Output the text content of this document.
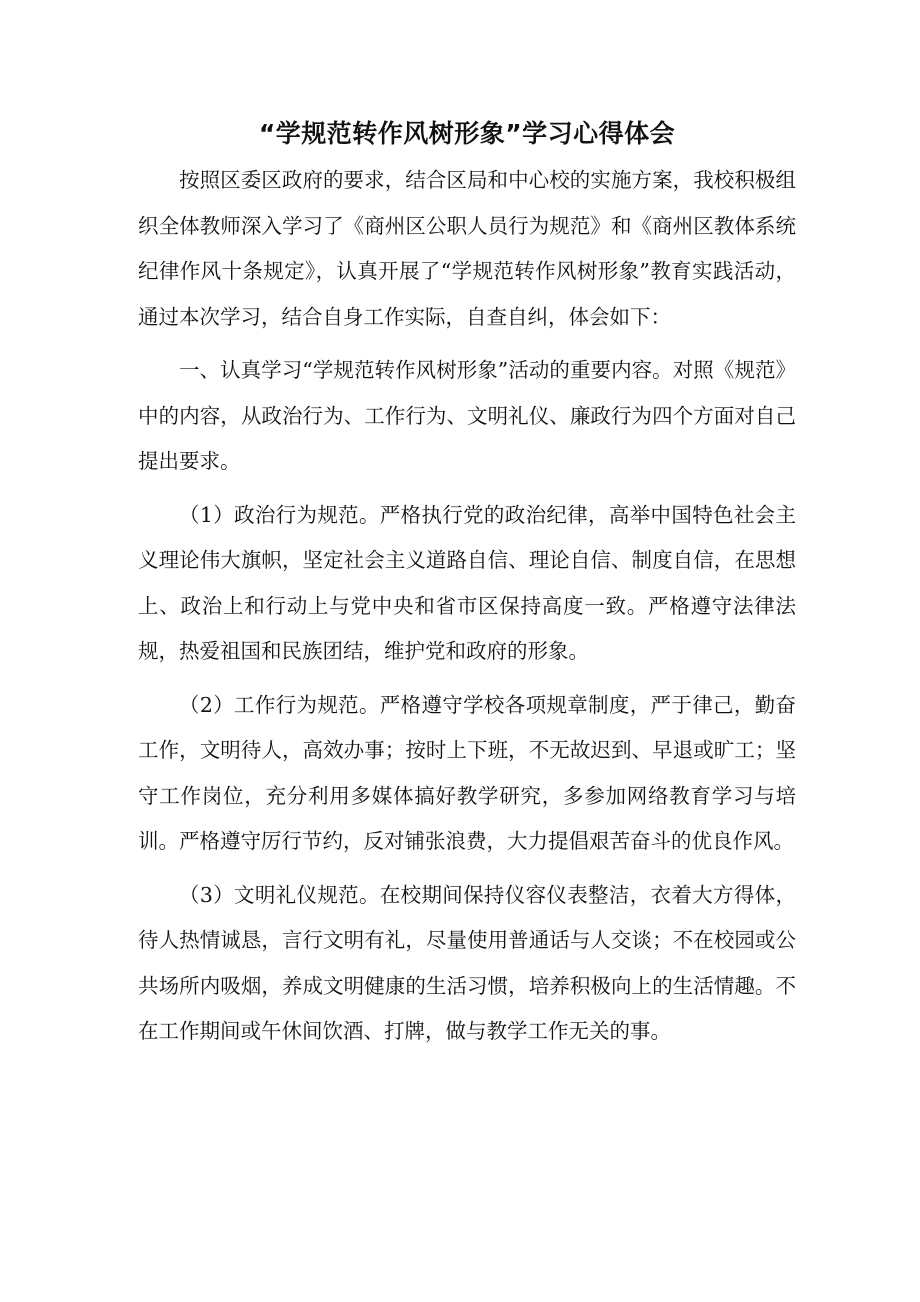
“学规范转作风树形象”学习心得体会

按照区委区政府的要求，结合区局和中心校的实施方案，我校积极组织全体教师深入学习了《商州区公职人员行为规范》和《商州区教体系统纪律作风十条规定》，认真开展了“学规范转作风树形象”教育实践活动，通过本次学习，结合自身工作实际，自查自纠，体会如下：

一、认真学习“学规范转作风树形象”活动的重要内容。对照《规范》中的内容，从政治行为、工作行为、文明礼仪、廉政行为四个方面对自己提出要求。

（1）政治行为规范。严格执行党的政治纪律，高举中国特色社会主义理论伟大旗帜，坚定社会主义道路自信、理论自信、制度自信，在思想上、政治上和行动上与党中央和省市区保持高度一致。严格遵守法律法规，热爱祖国和民族团结，维护党和政府的形象。

（2）工作行为规范。严格遵守学校各项规章制度，严于律己，勤奋工作，文明待人，高效办事；按时上下班，不无故迟到、早退或旷工；坚守工作岗位，充分利用多媒体搞好教学研究，多参加网络教育学习与培训。严格遵守厉行节约，反对铺张浪费，大力提倡艰苦奋斗的优良作风。

（3）文明礼仪规范。在校期间保持仪容仪表整洁，衣着大方得体，待人热情诚恳，言行文明有礼，尽量使用普通话与人交谈；不在校园或公共场所内吸烟，养成文明健康的生活习惯，培养积极向上的生活情趣。不在工作期间或午休间饮酒、打牌，做与教学工作无关的事。
